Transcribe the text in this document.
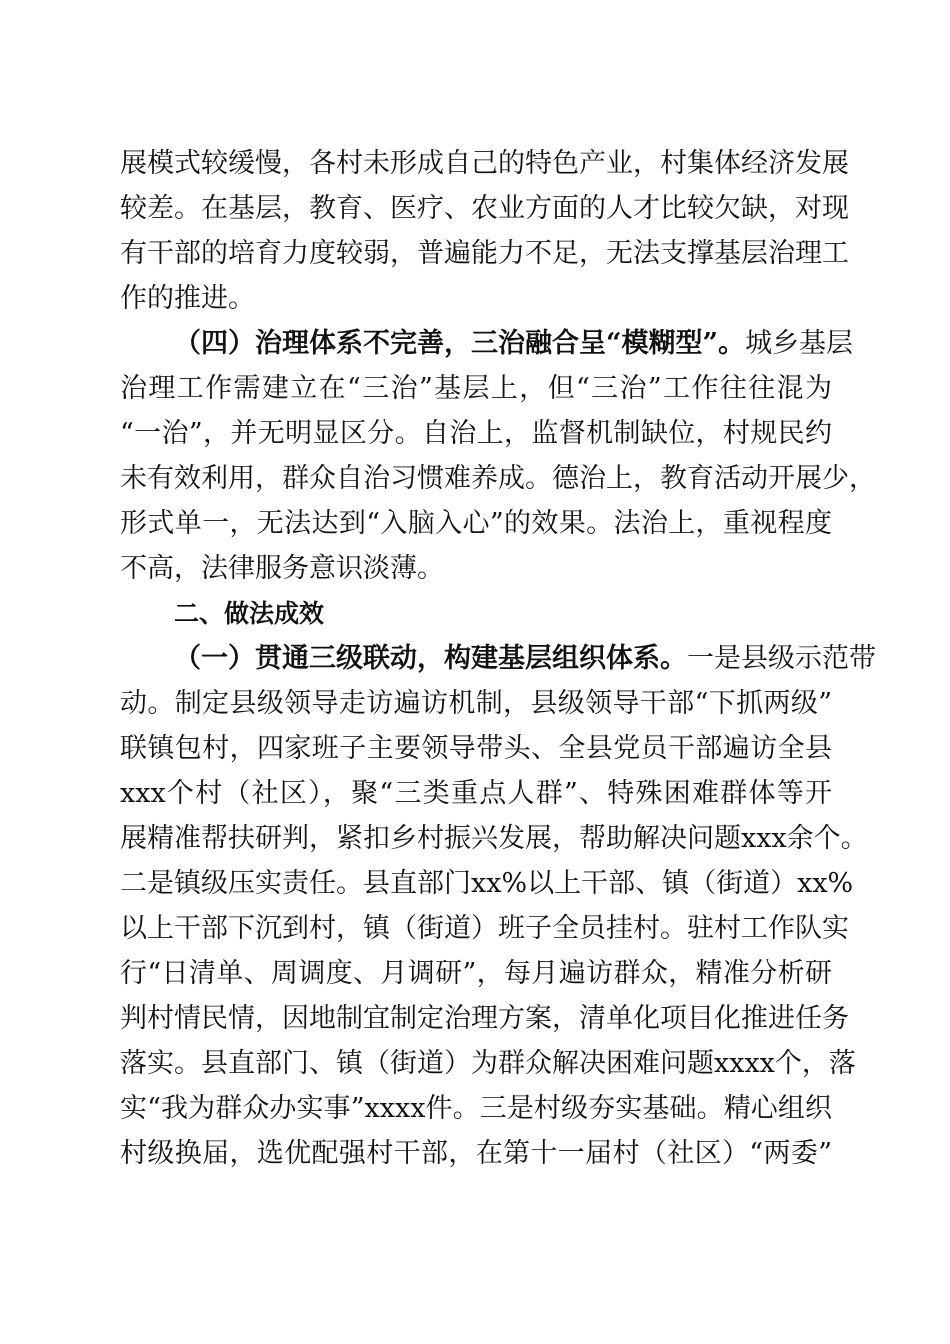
展模式较缓慢，各村未形成自己的特色产业，村集体经济发展
较差。在基层，教育、医疗、农业方面的人才比较欠缺，对现
有干部的培育力度较弱，普遍能力不足，无法支撑基层治理工
作的推进。
（四）治理体系不完善，三治融合呈“模糊型”。城乡基层
治理工作需建立在“三治”基层上，但“三治”工作往往混为
“一治”，并无明显区分。自治上，监督机制缺位，村规民约
未有效利用，群众自治习惯难养成。德治上，教育活动开展少，
形式单一，无法达到“入脑入心”的效果。法治上，重视程度
不高，法律服务意识淡薄。
二、做法成效
（一）贯通三级联动，构建基层组织体系。一是县级示范带
动。制定县级领导走访遍访机制，县级领导干部“下抓两级”
联镇包村，四家班子主要领导带头、全县党员干部遍访全县
xxx个村（社区），聚“三类重点人群”、特殊困难群体等开
展精准帮扶研判，紧扣乡村振兴发展，帮助解决问题xxx余个。
二是镇级压实责任。县直部门xx%以上干部、镇（街道）xx%
以上干部下沉到村，镇（街道）班子全员挂村。驻村工作队实
行“日清单、周调度、月调研”，每月遍访群众，精准分析研
判村情民情，因地制宜制定治理方案，清单化项目化推进任务
落实。县直部门、镇（街道）为群众解决困难问题xxxx个，落
实“我为群众办实事”xxxx件。三是村级夯实基础。精心组织
村级换届，选优配强村干部，在第十一届村（社区）“两委”
